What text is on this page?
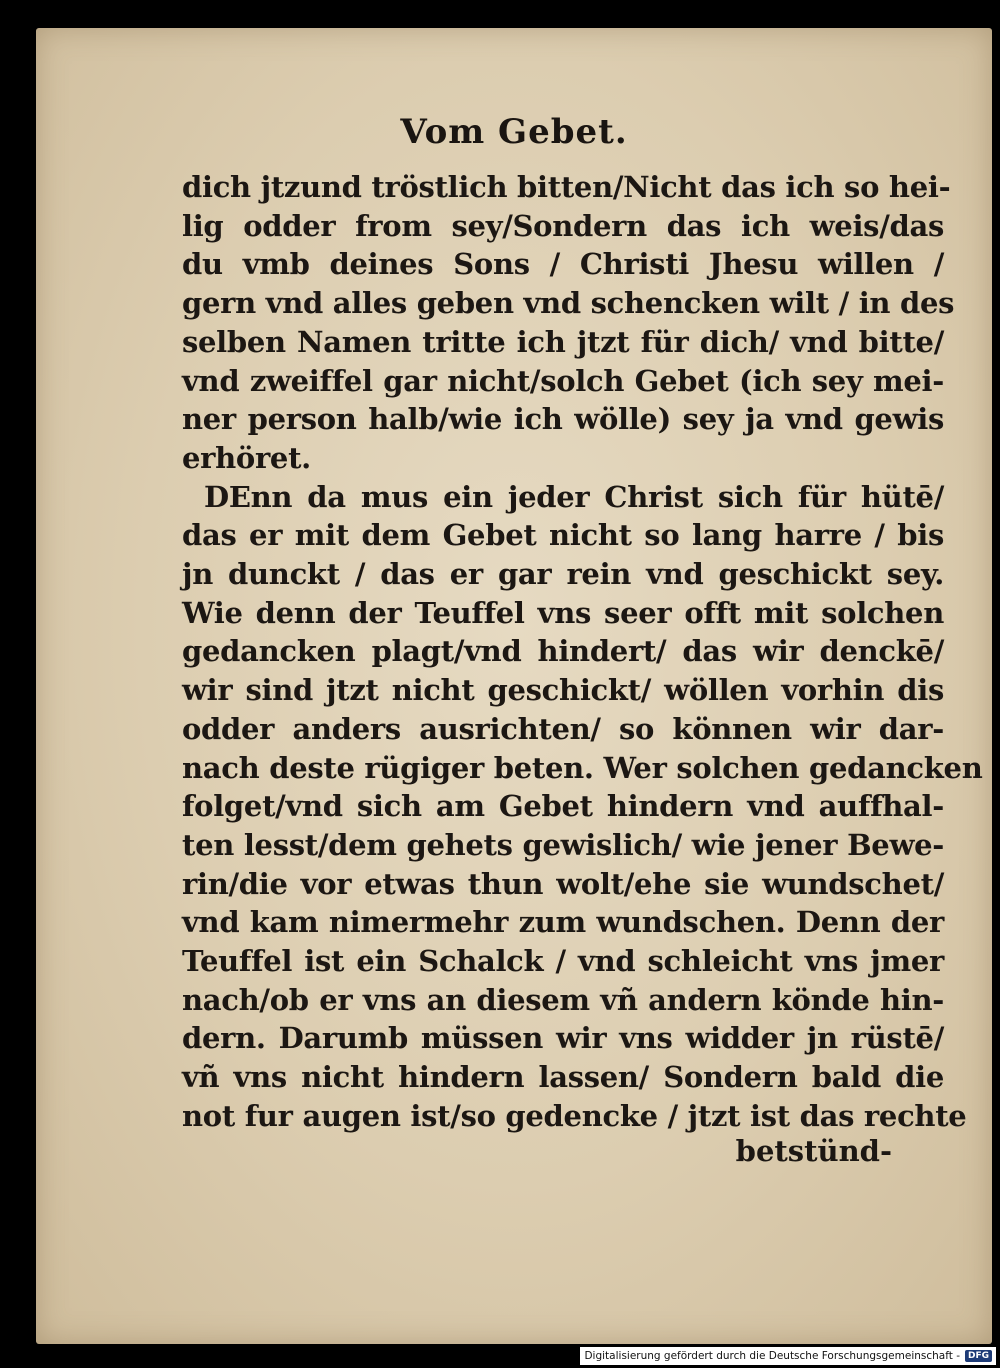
Vom Gebet.
dich jtzund tröstlich bitten/Nicht das ich so hei-
lig odder from sey/Sondern das ich weis/das
du vmb deines Sons / Christi Jhesu willen /
gern vnd alles geben vnd schencken wilt / in des
selben Namen tritte ich jtzt für dich/ vnd bitte/
vnd zweiffel gar nicht/solch Gebet (ich sey mei-
ner person halb/wie ich wölle) sey ja vnd gewis
erhöret.
DEnn da mus ein jeder Christ sich für hütē/
das er mit dem Gebet nicht so lang harre / bis
jn dunckt / das er gar rein vnd geschickt sey.
Wie denn der Teuffel vns seer offt mit solchen
gedancken plagt/vnd hindert/ das wir denckē/
wir sind jtzt nicht geschickt/ wöllen vorhin dis
odder anders ausrichten/ so können wir dar-
nach deste rügiger beten. Wer solchen gedancken
folget/vnd sich am Gebet hindern vnd auffhal-
ten lesst/dem gehets gewislich/ wie jener Bewe-
rin/die vor etwas thun wolt/ehe sie wundschet/
vnd kam nimermehr zum wundschen. Denn der
Teuffel ist ein Schalck / vnd schleicht vns jmer
nach/ob er vns an diesem vñ andern könde hin-
dern. Darumb müssen wir vns widder jn rüstē/
vñ vns nicht hindern lassen/ Sondern bald die
not fur augen ist/so gedencke / jtzt ist das rechte
betstünd-
Digitalisierung gefördert durch die Deutsche Forschungsgemeinschaft - DFG
